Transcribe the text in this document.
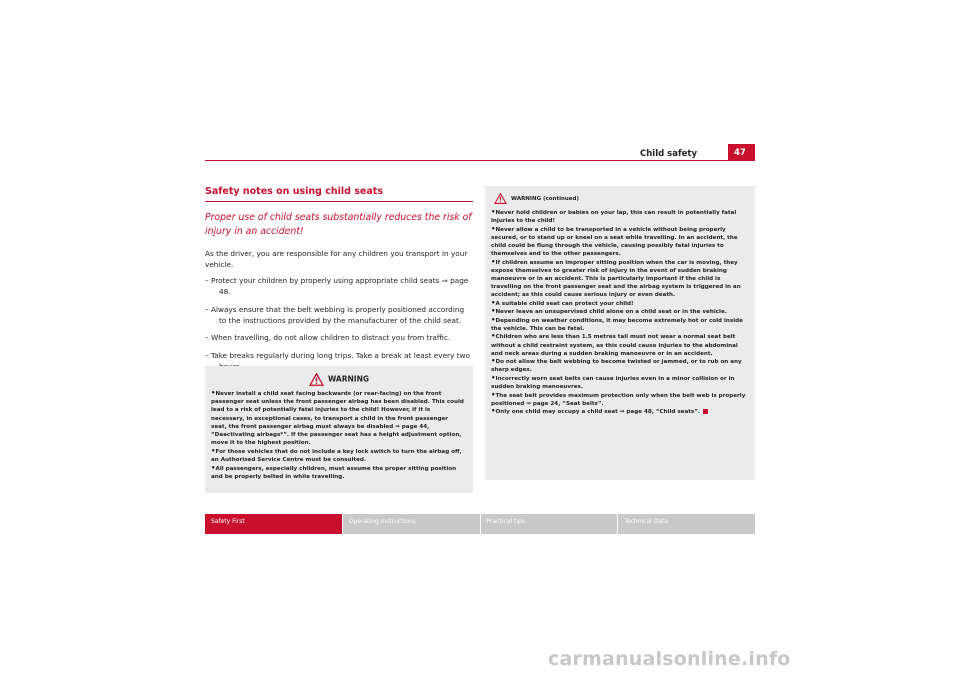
Child safety	47
Safety notes on using child seats
Proper use of child seats substantially reduces the risk of injury in an accident!

As the driver, you are responsible for any children you transport in your vehicle.

– Protect your children by properly using appropriate child seats ⇒ page 48.
– Always ensure that the belt webbing is properly positioned according to the instructions provided by the manufacturer of the child seat.
– When travelling, do not allow children to distract you from traffic.
– Take breaks regularly during long trips. Take a break at least every two
WARNING
•Never install a child seat facing backwards (or rear-facing) on the front passenger seat unless the front passenger airbag has been disabled. This could lead to a risk of potentially fatal injuries to the child! However, if it is necessary, in exceptional cases, to transport a child in the front passenger seat, the front passenger airbag must always be disabled ⇒ page 44, “Deactivating airbags*”. If the passenger seat has a height adjustment option, move it to the highest position.
•For those vehicles that do not include a key lock switch to turn the airbag off, an Authorised Service Centre must be consulted.
•All passengers, especially children, must assume the proper sitting position and be properly belted in while travelling.
WARNING (continued)
•Never hold children or babies on your lap, this can result in potentially fatal injuries to the child!
•Never allow a child to be transported in a vehicle without being properly secured, or to stand up or kneel on a seat while travelling. In an accident, the child could be flung through the vehicle, causing possibly fatal injuries to themselves and to the other passengers.
•If children assume an improper sitting position when the car is moving, they expose themselves to greater risk of injury in the event of sudden braking manoeuvre or in an accident. This is particularly important if the child is travelling on the front passenger seat and the airbag system is triggered in an accident; as this could cause serious injury or even death.
•A suitable child seat can protect your child!
•Never leave an unsupervised child alone on a child seat or in the vehicle.
•Depending on weather conditions, it may become extremely hot or cold inside the vehicle. This can be fatal.
•Children who are less than 1.5 metres tall must not wear a normal seat belt without a child restraint system, as this could cause injuries to the abdominal and neck areas during a sudden braking manoeuvre or in an accident.
•Do not allow the belt webbing to become twisted or jammed, or to rub on any sharp edges.
•Incorrectly worn seat belts can cause injuries even in a minor collision or in sudden braking manoeuvres.
•The seat belt provides maximum protection only when the belt web is properly positioned ⇒ page 24, “Seat belts”.
•Only one child may occupy a child seat ⇒ page 48, “Child seats”.
Safety First	Operating instructions	Practical tips	Technical Data
carmanualsonline.info
